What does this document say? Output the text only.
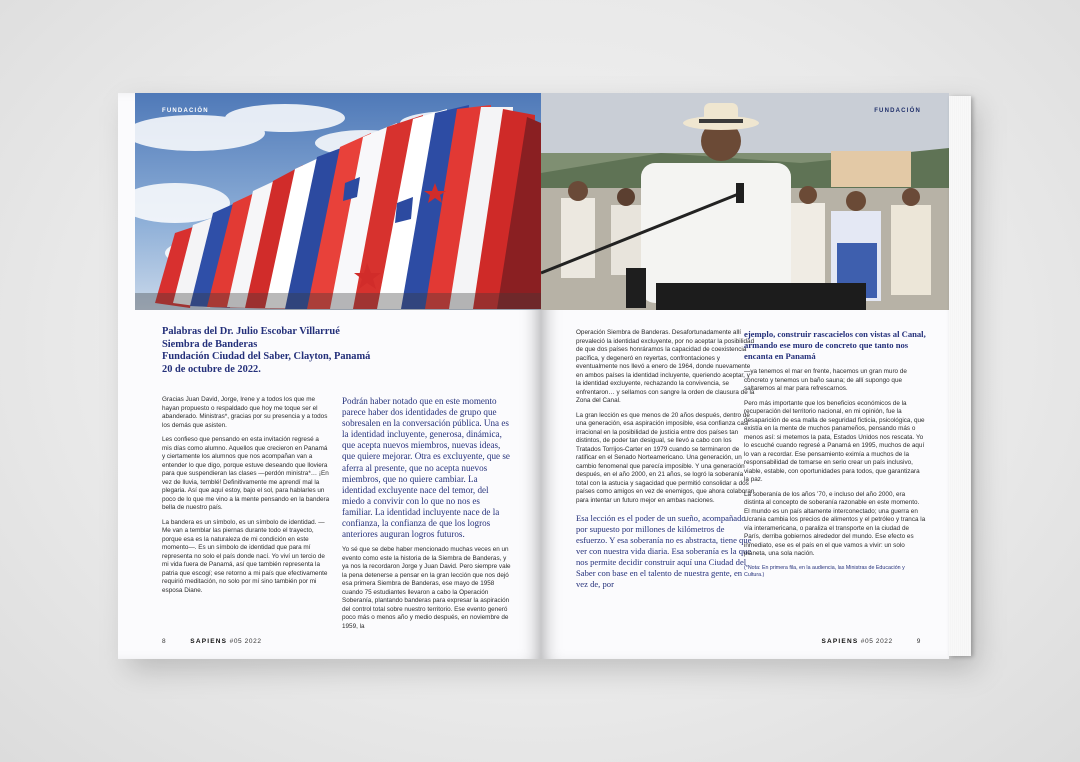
FUNDACIÓN
Palabras del Dr. Julio Escobar Villarrué
Siembra de Banderas
Fundación Ciudad del Saber, Clayton, Panamá
20 de octubre de 2022.

Gracias Juan David, Jorge, Irene y a todos los que me hayan propuesto o respaldado que hoy me toque ser el abanderado. Ministras*, gracias por su presencia y a todos los demás que asisten.

Les confieso que pensando en esta invitación regresé a mis días como alumno. Aquellos que crecieron en Panamá y ciertamente los alumnos que nos acompañan van a entender lo que digo, porque estuve deseando que lloviera para que suspendieran las clases —perdón ministra*… ¡En vez de lluvia, temblé! Definitivamente me aprendí mal la plegaria. Así que aquí estoy, bajo el sol, para hablarles un poco de lo que me vino a la mente pensando en la bandera bella de nuestro país.

La bandera es un símbolo, es un símbolo de identidad. —Me van a temblar las piernas durante todo el trayecto, porque esa es la naturaleza de mi condición en este momento—. Es un símbolo de identidad que para mí representa no solo el país donde nací. Yo viví un tercio de mi vida fuera de Panamá, así que también representa la patria que escogí; ese retorno a mi país que efectivamente requirió meditación, no solo por mí sino también por mi esposa Diane.

Podrán haber notado que en este momento parece haber dos identidades de grupo que sobresalen en la conversación pública. Una es la identidad incluyente, generosa, dinámica, que acepta nuevos miembros, nuevas ideas, que quiere mejorar. Otra es excluyente, que se aferra al presente, que no acepta nuevos miembros, que no quiere cambiar. La identidad excluyente nace del temor, del miedo a convivir con lo que no nos es familiar. La identidad incluyente nace de la confianza, la confianza de que los logros anteriores auguran logros futuros.

Yo sé que se debe haber mencionado muchas veces en un evento como este la historia de la Siembra de Banderas, y ya nos la recordaron Jorge y Juan David. Pero siempre vale la pena detenerse a pensar en la gran lección que nos dejó esa primera Siembra de Banderas, ese mayo de 1958 cuando 75 estudiantes llevaron a cabo la Operación Soberanía, plantando banderas para expresar la aspiración del control total sobre nuestro territorio. Ese evento generó poco más o menos año y medio después, en noviembre de 1959, la

8	SAPIENS #05 2022
FUNDACIÓN

Operación Siembra de Banderas. Desafortunadamente allí prevaleció la identidad excluyente, por no aceptar la posibilidad de que dos países honráramos la capacidad de coexistencia pacífica, y degeneró en reyertas, confrontaciones y eventualmente nos llevó a enero de 1964, donde nuevamente en ambos países la identidad incluyente, queriendo aceptar, y la identidad excluyente, rechazando la convivencia, se enfrentaron… y sellamos con sangre la orden de clausura de la Zona del Canal.

La gran lección es que menos de 20 años después, dentro de una generación, esa aspiración imposible, esa confianza casi irracional en la posibilidad de justicia entre dos países tan distintos, de poder tan desigual, se llevó a cabo con los Tratados Torrijos-Carter en 1979 cuando se terminaron de ratificar en el Senado Norteamericano. Una generación, un cambio fenomenal que parecía imposible. Y una generación después, en el año 2000, en 21 años, se logró la soberanía total con la astucia y sagacidad que permitió consolidar a dos países como amigos en vez de enemigos, que ahora colaboran para intentar un futuro mejor en ambas naciones.

Esa lección es el poder de un sueño, acompañado por supuesto por millones de kilómetros de esfuerzo. Y esa soberanía no es abstracta, tiene que ver con nuestra vida diaria. Esa soberanía es la que nos permite decidir construir aquí una Ciudad del Saber con base en el talento de nuestra gente, en vez de, por

ejemplo, construir rascacielos con vistas al Canal, armando ese muro de concreto que tanto nos encanta en Panamá

—ya tenemos el mar en frente, hacemos un gran muro de concreto y tenemos un baño sauna; de allí supongo que saltaremos al mar para refrescarnos.

Pero más importante que los beneficios económicos de la recuperación del territorio nacional, en mi opinión, fue la desaparición de esa malla de seguridad ficticia, psicológica, que existía en la mente de muchos panameños, pensando más o menos así: si metemos la pata, Estados Unidos nos rescata. Yo lo escuché cuando regresé a Panamá en 1995, muchos de aquí lo van a recordar. Ese pensamiento eximía a muchos de la responsabilidad de tomarse en serio crear un país inclusivo, viable, estable, con oportunidades para todos, que garantizara la paz.

La soberanía de los años ’70, e incluso del año 2000, era distinta al concepto de soberanía razonable en este momento. El mundo es un país altamente interconectado; una guerra en Ucrania cambia los precios de alimentos y el petróleo y tranca la vía interamericana, o paraliza el transporte en la ciudad de París, derriba gobiernos alrededor del mundo. Ese efecto es inmediato, ese es el país en el que vamos a vivir: un solo planeta, una sola nación.

(*Nota: En primera fila, en la audiencia, las Ministras de Educación y Cultura.)

SAPIENS #05 2022	9
